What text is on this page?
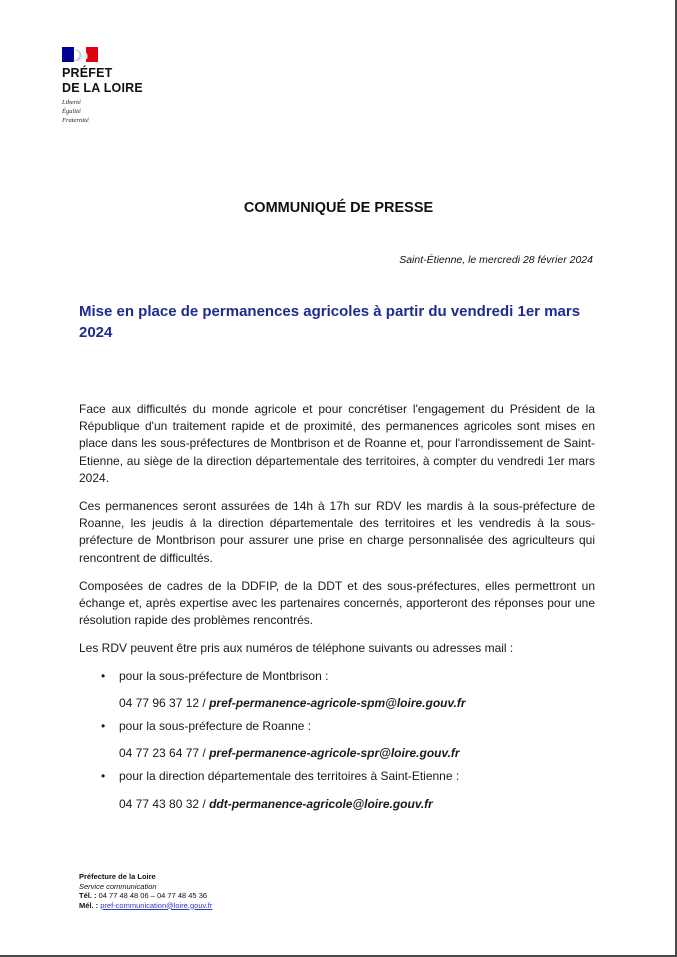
PRÉFET
DE LA LOIRE
Liberté
Égalité
Fraternité
COMMUNIQUÉ DE PRESSE
Saint-Étienne, le mercredi 28 février 2024
Mise en place de permanences agricoles à partir du vendredi 1er mars 2024

Face aux difficultés du monde agricole et pour concrétiser l'engagement du Président de la République d'un traitement rapide et de proximité, des permanences agricoles sont mises en place dans les sous-préfectures de Montbrison et de Roanne et, pour l'arrondissement de Saint-Etienne, au siège de la direction départementale des territoires, à compter du vendredi 1er mars 2024.

Ces permanences seront assurées de 14h à 17h sur RDV les mardis à la sous-préfecture de Roanne, les jeudis à la direction départementale des territoires et les vendredis à la sous-préfecture de Montbrison pour assurer une prise en charge personnalisée des agriculteurs qui rencontrent de difficultés.

Composées de cadres de la DDFIP, de la DDT et des sous-préfectures, elles permettront un échange et, après expertise avec les partenaires concernés, apporteront des réponses pour une résolution rapide des problèmes rencontrés.

Les RDV peuvent être pris aux numéros de téléphone suivants ou adresses mail :

• pour la sous-préfecture de Montbrison :
04 77 96 37 12 / pref-permanence-agricole-spm@loire.gouv.fr
• pour la sous-préfecture de Roanne :
04 77 23 64 77 / pref-permanence-agricole-spr@loire.gouv.fr
• pour la direction départementale des territoires à Saint-Etienne :
04 77 43 80 32 / ddt-permanence-agricole@loire.gouv.fr
Préfecture de la Loire
Service communication
Tél. : 04 77 48 48 06 – 04 77 48 45 36
Mél. : pref-communication@loire.gouv.fr
